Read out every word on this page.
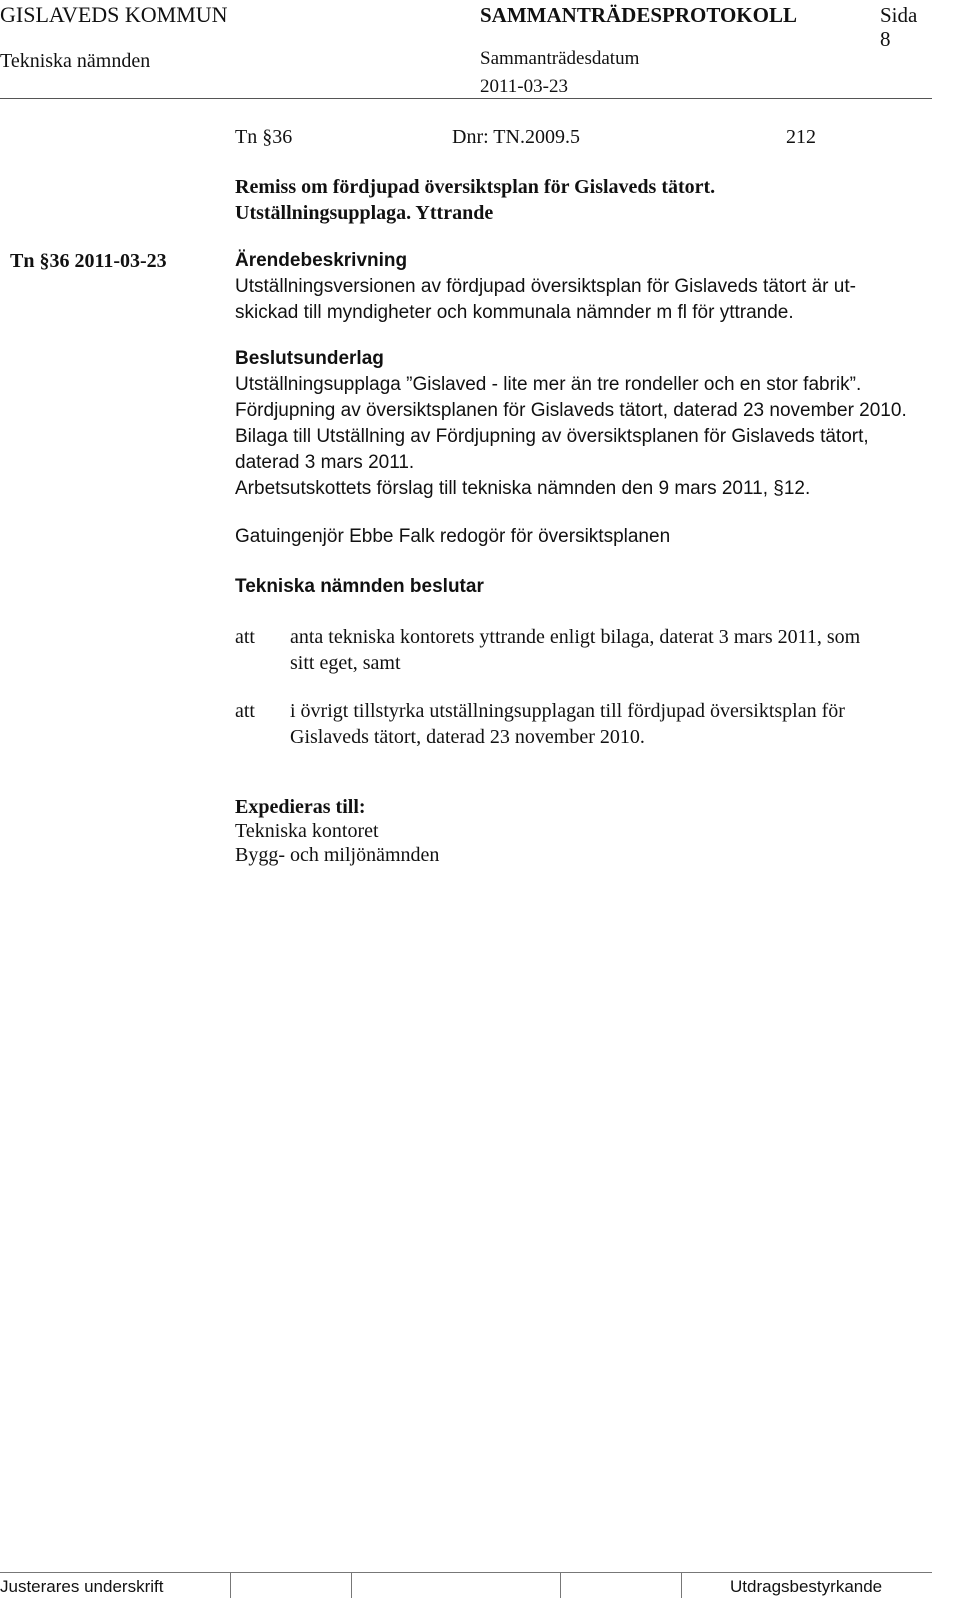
GISLAVEDS KOMMUN
Tekniska nämnden
SAMMANTRÄDESPROTOKOLL
Sammanträdesdatum
2011-03-23
Sida
8
Tn §36	Dnr: TN.2009.5	212
Remiss om fördjupad översiktsplan för Gislaveds tätort.
Utställningsupplaga. Yttrande
Tn §36 2011-03-23	Ärendebeskrivning
Utställningsversionen av fördjupad översiktsplan för Gislaveds tätort är ut-
skickad till myndigheter och kommunala nämnder m fl för yttrande.
Beslutsunderlag
Utställningsupplaga ”Gislaved - lite mer än tre rondeller och en stor fabrik”.
Fördjupning av översiktsplanen för Gislaveds tätort, daterad 23 november 2010.
Bilaga till Utställning av Fördjupning av översiktsplanen för Gislaveds tätort,
daterad 3 mars 2011.
Arbetsutskottets förslag till tekniska nämnden den 9 mars 2011, §12.
Gatuingenjör Ebbe Falk redogör för översiktsplanen
Tekniska nämnden beslutar
att anta tekniska kontorets yttrande enligt bilaga, daterat 3 mars 2011, som
sitt eget, samt
att i övrigt tillstyrka utställningsupplagan till fördjupad översiktsplan för
Gislaveds tätort, daterad 23 november 2010.
Expedieras till:
Tekniska kontoret
Bygg- och miljönämnden
Justerares underskrift	Utdragsbestyrkande
